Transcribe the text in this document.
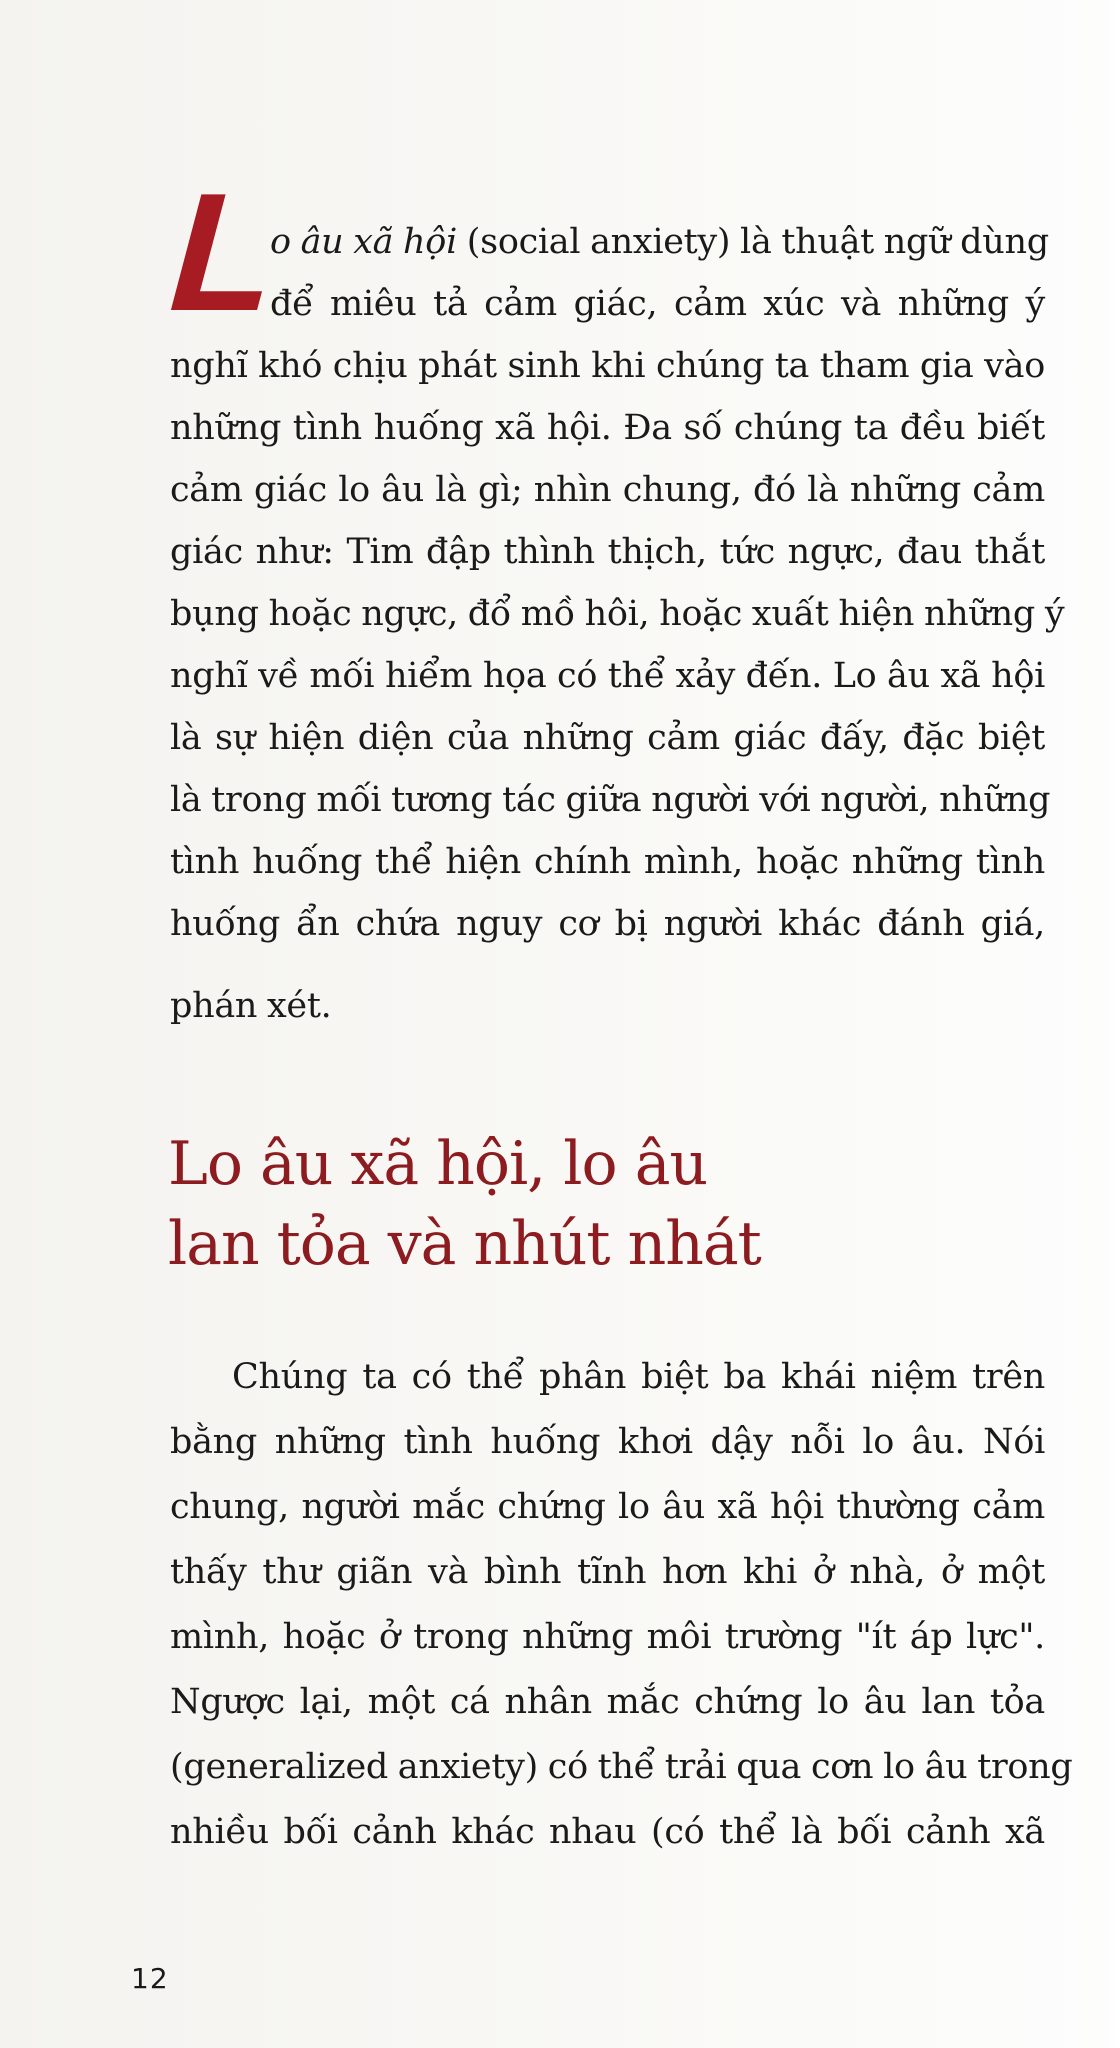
L
o âu xã hội (social anxiety) là thuật ngữ dùng
để miêu tả cảm giác, cảm xúc và những ý
nghĩ khó chịu phát sinh khi chúng ta tham gia vào
những tình huống xã hội. Đa số chúng ta đều biết
cảm giác lo âu là gì; nhìn chung, đó là những cảm
giác như: Tim đập thình thịch, tức ngực, đau thắt
bụng hoặc ngực, đổ mồ hôi, hoặc xuất hiện những ý
nghĩ về mối hiểm họa có thể xảy đến. Lo âu xã hội
là sự hiện diện của những cảm giác đấy, đặc biệt
là trong mối tương tác giữa người với người, những
tình huống thể hiện chính mình, hoặc những tình
huống ẩn chứa nguy cơ bị người khác đánh giá,
phán xét.
Lo âu xã hội, lo âu
lan tỏa và nhút nhát
Chúng ta có thể phân biệt ba khái niệm trên
bằng những tình huống khơi dậy nỗi lo âu. Nói
chung, người mắc chứng lo âu xã hội thường cảm
thấy thư giãn và bình tĩnh hơn khi ở nhà, ở một
mình, hoặc ở trong những môi trường "ít áp lực".
Ngược lại, một cá nhân mắc chứng lo âu lan tỏa
(generalized anxiety) có thể trải qua cơn lo âu trong
nhiều bối cảnh khác nhau (có thể là bối cảnh xã
12
